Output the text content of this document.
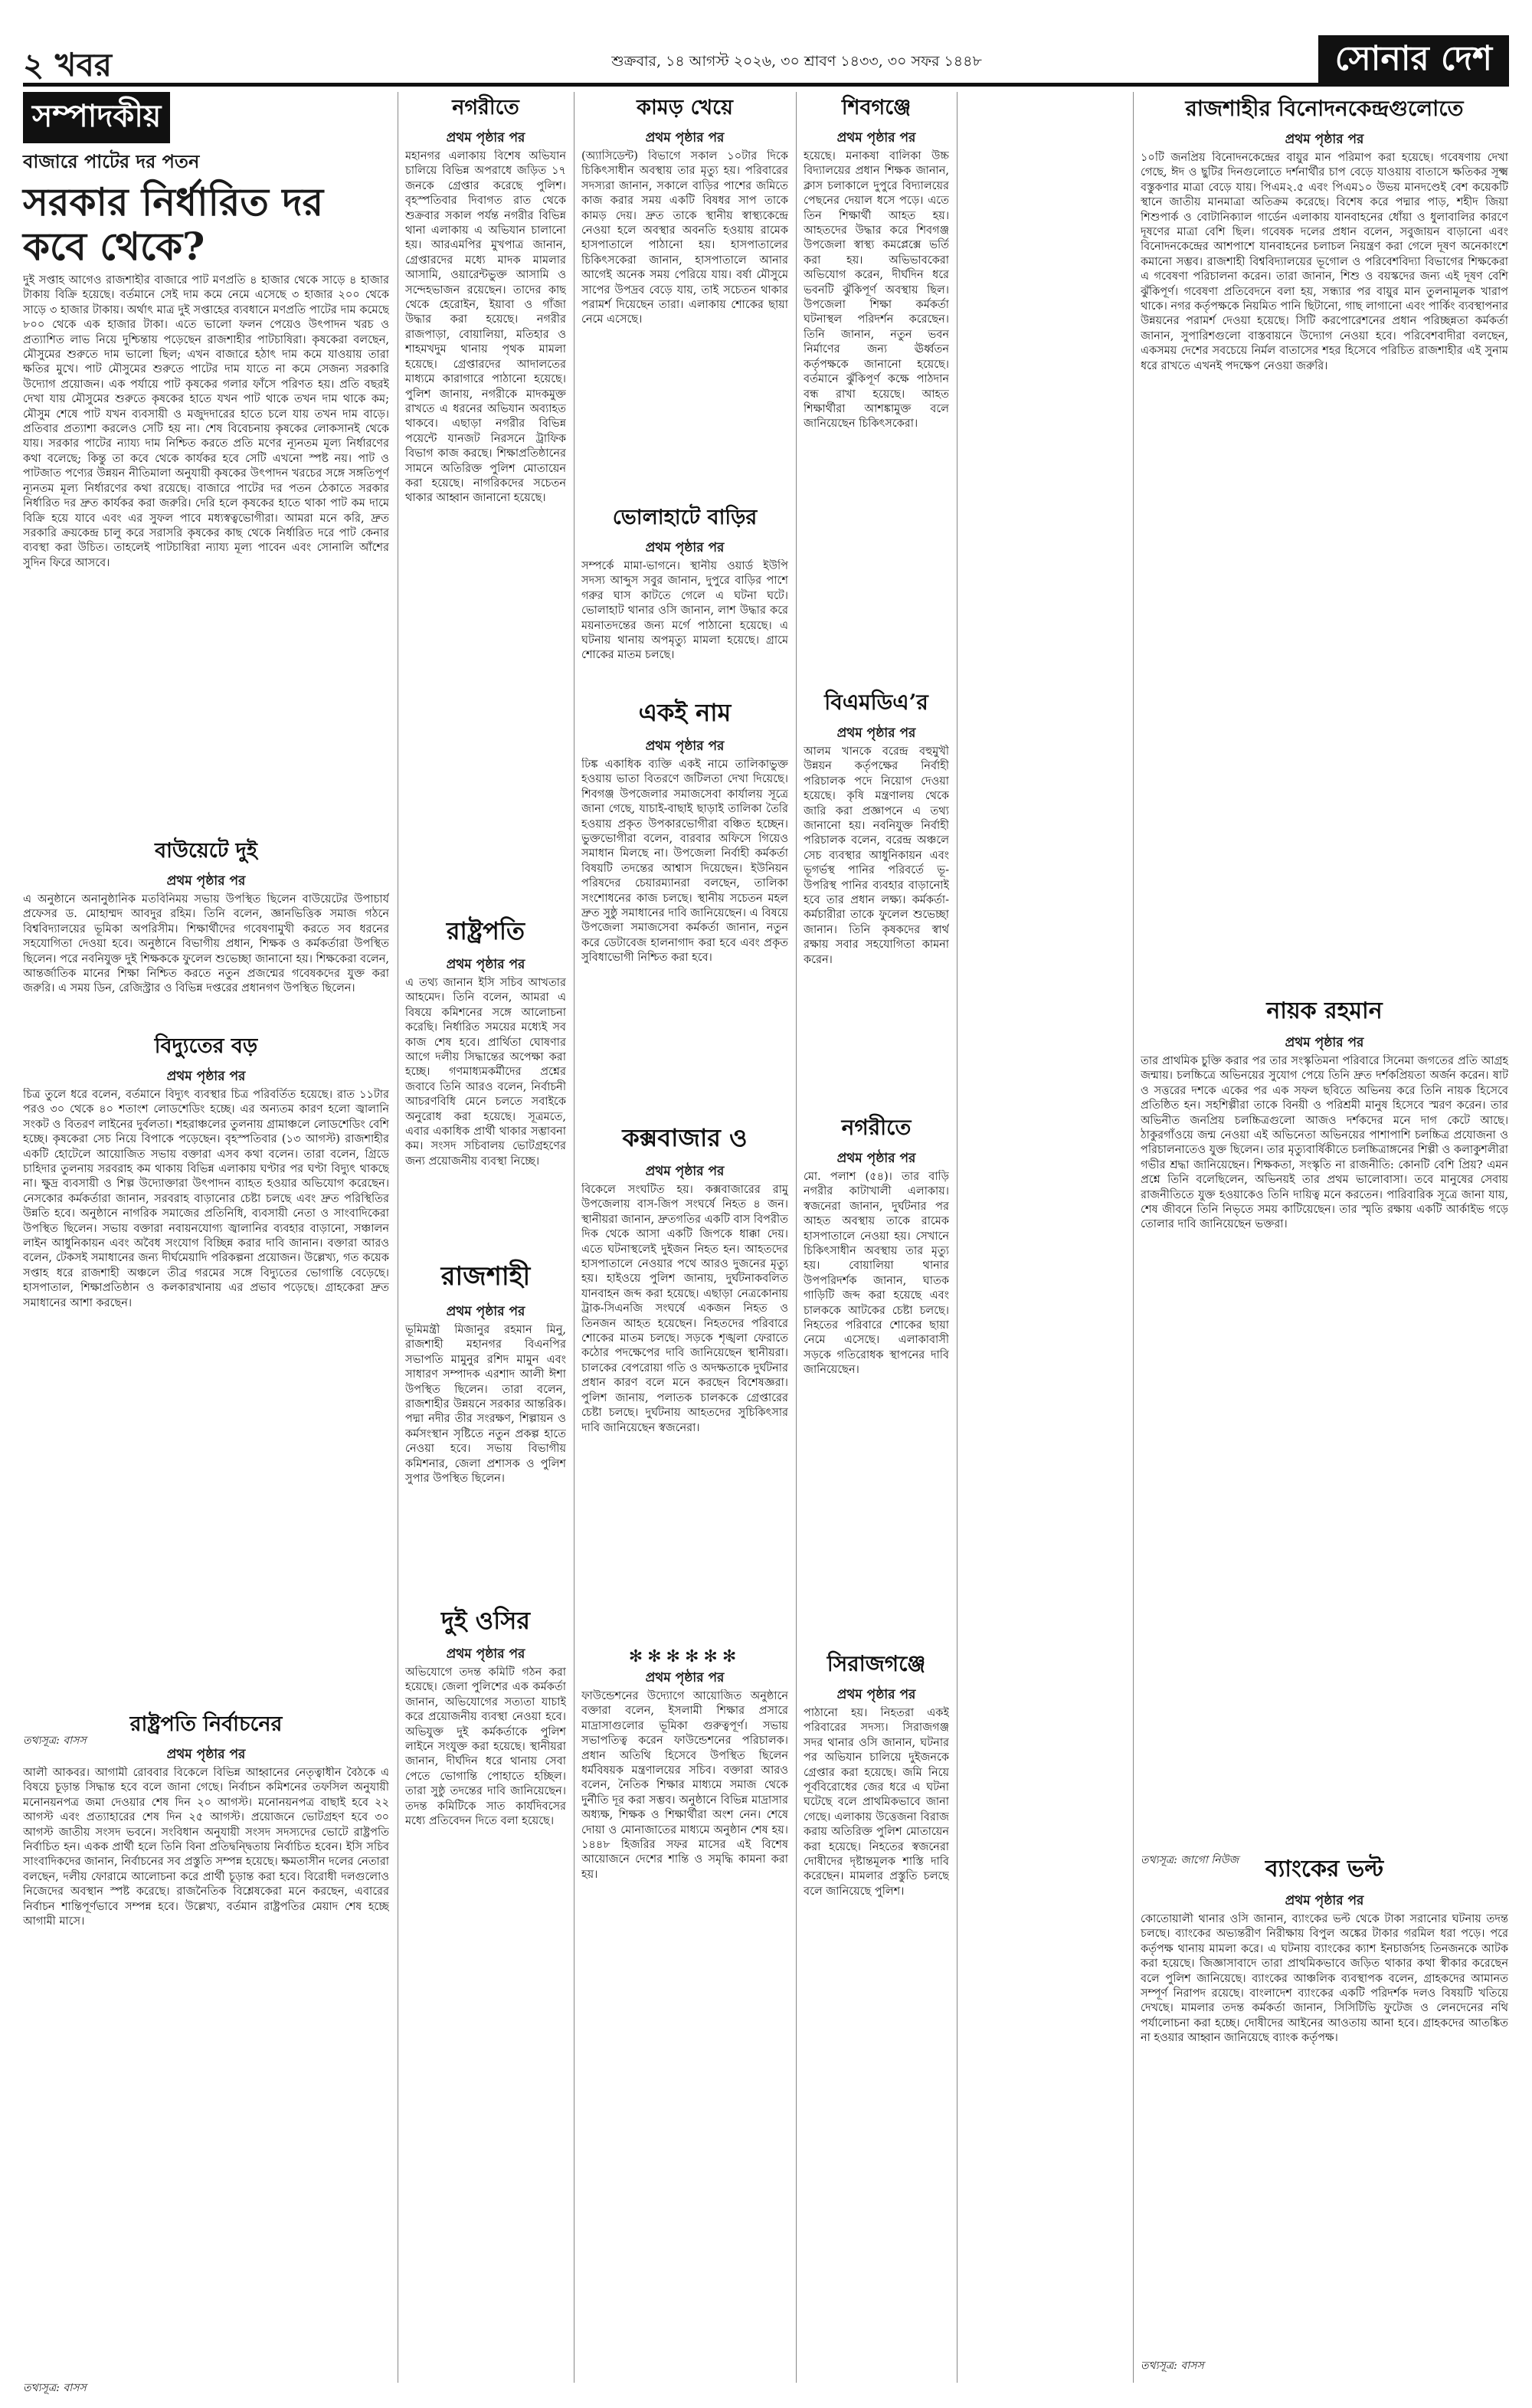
২ খবর	শুক্রবার, ১৪ আগস্ট ২০২৬, ৩০ শ্রাবণ ১৪৩৩, ৩০ সফর ১৪৪৮	সোনার দেশ
সম্পাদকীয়
বাজারে পাটের দর পতন
সরকার নির্ধারিত দর কবে থেকে?

দুই সপ্তাহ আগেও রাজশাহীর বাজারে পাট মণপ্রতি ৪ হাজার থেকে সাড়ে ৪ হাজার টাকায় বিক্রি হয়েছে। বর্তমানে সেই দাম কমে নেমে এসেছে ৩ হাজার ২০০ থেকে সাড়ে ৩ হাজার টাকায়। অর্থাৎ মাত্র দুই সপ্তাহের ব্যবধানে মণপ্রতি পাটের দাম কমেছে ৮০০ থেকে এক হাজার টাকা। এতে ভালো ফলন পেয়েও উৎপাদন খরচ ও প্রত্যাশিত লাভ নিয়ে দুশ্চিন্তায় পড়েছেন রাজশাহীর পাটচাষিরা। কৃষকেরা বলছেন, মৌসুমের শুরুতে দাম ভালো ছিল; এখন বাজারে হঠাৎ দাম কমে যাওয়ায় তারা ক্ষতির মুখে। পাট মৌসুমের শুরুতে পাটের দাম যাতে না কমে সেজন্য সরকারি উদ্যোগ প্রয়োজন। এক পর্যায়ে পাট কৃষকের গলার ফাঁসে পরিণত হয়। প্রতি বছরই দেখা যায় মৌসুমের শুরুতে কৃষকের হাতে যখন পাট থাকে তখন দাম থাকে কম; মৌসুম শেষে পাট যখন ব্যবসায়ী ও মজুদদারের হাতে চলে যায় তখন দাম বাড়ে। প্রতিবার প্রত্যাশা করলেও সেটি হয় না। শেষ বিবেচনায় কৃষকের লোকসানই থেকে যায়। সরকার পাটের ন্যায্য দাম নিশ্চিত করতে প্রতি মণের ন্যূনতম মূল্য নির্ধারণের কথা বলেছে; কিন্তু তা কবে থেকে কার্যকর হবে সেটি এখনো স্পষ্ট নয়। পাট ও পাটজাত পণ্যের উন্নয়ন নীতিমালা অনুযায়ী কৃষকের উৎপাদন খরচের সঙ্গে সঙ্গতিপূর্ণ ন্যূনতম মূল্য নির্ধারণের কথা রয়েছে। বাজারে পাটের দর পতন ঠেকাতে সরকার নির্ধারিত দর দ্রুত কার্যকর করা জরুরি। দেরি হলে কৃষকের হাতে থাকা পাট কম দামে বিক্রি হয়ে যাবে এবং এর সুফল পাবে মধ্যস্বত্বভোগীরা। আমরা মনে করি, দ্রুত সরকারি ক্রয়কেন্দ্র চালু করে সরাসরি কৃষকের কাছ থেকে নির্ধারিত দরে পাট কেনার ব্যবস্থা করা উচিত। তাহলেই পাটচাষিরা ন্যায্য মূল্য পাবেন এবং সোনালি আঁশের সুদিন ফিরে আসবে।

বাউয়েটে দুই
প্রথম পৃষ্ঠার পর

এ অনুষ্ঠানে অনানুষ্ঠানিক মতবিনিময় সভায় উপস্থিত ছিলেন বাউয়েটের উপাচার্য প্রফেসর ড. মোহাম্মদ আবদুর রহিম। তিনি বলেন, জ্ঞানভিত্তিক সমাজ গঠনে বিশ্ববিদ্যালয়ের ভূমিকা অপরিসীম। শিক্ষার্থীদের গবেষণামুখী করতে সব ধরনের সহযোগিতা দেওয়া হবে। অনুষ্ঠানে বিভাগীয় প্রধান, শিক্ষক ও কর্মকর্তারা উপস্থিত ছিলেন। পরে নবনিযুক্ত দুই শিক্ষককে ফুলেল শুভেচ্ছা জানানো হয়। শিক্ষকেরা বলেন, আন্তর্জাতিক মানের শিক্ষা নিশ্চিত করতে নতুন প্রজন্মের গবেষকদের যুক্ত করা জরুরি। এ সময় ডিন, রেজিস্ট্রার ও বিভিন্ন দপ্তরের প্রধানগণ উপস্থিত ছিলেন।

বিদ্যুতের বড়
প্রথম পৃষ্ঠার পর

চিত্র তুলে ধরে বলেন, বর্তমানে বিদ্যুৎ ব্যবস্থার চিত্র পরিবর্তিত হয়েছে। রাত ১১টার পরও ৩০ থেকে ৪০ শতাংশ লোডশেডিং হচ্ছে। এর অন্যতম কারণ হলো জ্বালানি সংকট ও বিতরণ লাইনের দুর্বলতা। শহরাঞ্চলের তুলনায় গ্রামাঞ্চলে লোডশেডিং বেশি হচ্ছে। কৃষকেরা সেচ নিয়ে বিপাকে পড়েছেন। বৃহস্পতিবার (১৩ আগস্ট) রাজশাহীর একটি হোটেলে আয়োজিত সভায় বক্তারা এসব কথা বলেন। তারা বলেন, গ্রিডে চাহিদার তুলনায় সরবরাহ কম থাকায় বিভিন্ন এলাকায় ঘণ্টার পর ঘণ্টা বিদ্যুৎ থাকছে না। ক্ষুদ্র ব্যবসায়ী ও শিল্প উদ্যোক্তারা উৎপাদন ব্যাহত হওয়ার অভিযোগ করেছেন। নেসকোর কর্মকর্তারা জানান, সরবরাহ বাড়ানোর চেষ্টা চলছে এবং দ্রুত পরিস্থিতির উন্নতি হবে। অনুষ্ঠানে নাগরিক সমাজের প্রতিনিধি, ব্যবসায়ী নেতা ও সাংবাদিকেরা উপস্থিত ছিলেন। সভায় বক্তারা নবায়নযোগ্য জ্বালানির ব্যবহার বাড়ানো, সঞ্চালন লাইন আধুনিকায়ন এবং অবৈধ সংযোগ বিচ্ছিন্ন করার দাবি জানান। বক্তারা আরও বলেন, টেকসই সমাধানের জন্য দীর্ঘমেয়াদি পরিকল্পনা প্রয়োজন। উল্লেখ্য, গত কয়েক সপ্তাহ ধরে রাজশাহী অঞ্চলে তীব্র গরমের সঙ্গে বিদ্যুতের ভোগান্তি বেড়েছে। হাসপাতাল, শিক্ষাপ্রতিষ্ঠান ও কলকারখানায় এর প্রভাব পড়েছে। গ্রাহকেরা দ্রুত সমাধানের আশা করছেন।

তথ্যসূত্র: বাসস
রাষ্ট্রপতি নির্বাচনের
প্রথম পৃষ্ঠার পর

আলী আকবর। আগামী রোববার বিকেলে বিভিন্ন আহ্বানের নেতৃত্বাধীন বৈঠকে এ বিষয়ে চূড়ান্ত সিদ্ধান্ত হবে বলে জানা গেছে। নির্বাচন কমিশনের তফসিল অনুযায়ী মনোনয়নপত্র জমা দেওয়ার শেষ দিন ২০ আগস্ট। মনোনয়নপত্র বাছাই হবে ২২ আগস্ট এবং প্রত্যাহারের শেষ দিন ২৫ আগস্ট। প্রয়োজনে ভোটগ্রহণ হবে ৩০ আগস্ট জাতীয় সংসদ ভবনে। সংবিধান অনুযায়ী সংসদ সদস্যদের ভোটে রাষ্ট্রপতি নির্বাচিত হন। একক প্রার্থী হলে তিনি বিনা প্রতিদ্বন্দ্বিতায় নির্বাচিত হবেন। ইসি সচিব সাংবাদিকদের জানান, নির্বাচনের সব প্রস্তুতি সম্পন্ন হয়েছে। ক্ষমতাসীন দলের নেতারা বলছেন, দলীয় ফোরামে আলোচনা করে প্রার্থী চূড়ান্ত করা হবে। বিরোধী দলগুলোও নিজেদের অবস্থান স্পষ্ট করেছে। রাজনৈতিক বিশ্লেষকেরা মনে করছেন, এবারের নির্বাচন শান্তিপূর্ণভাবে সম্পন্ন হবে। উল্লেখ্য, বর্তমান রাষ্ট্রপতির মেয়াদ শেষ হচ্ছে আগামী মাসে।

তথ্যসূত্র: বাসস
নগরীতে
প্রথম পৃষ্ঠার পর

মহানগর এলাকায় বিশেষ অভিযান চালিয়ে বিভিন্ন অপরাধে জড়িত ১৭ জনকে গ্রেপ্তার করেছে পুলিশ। বৃহস্পতিবার দিবাগত রাত থেকে শুক্রবার সকাল পর্যন্ত নগরীর বিভিন্ন থানা এলাকায় এ অভিযান চালানো হয়। আরএমপির মুখপাত্র জানান, গ্রেপ্তারদের মধ্যে মাদক মামলার আসামি, ওয়ারেন্টভুক্ত আসামি ও সন্দেহভাজন রয়েছেন। তাদের কাছ থেকে হেরোইন, ইয়াবা ও গাঁজা উদ্ধার করা হয়েছে। নগরীর রাজপাড়া, বোয়ালিয়া, মতিহার ও শাহমখদুম থানায় পৃথক মামলা হয়েছে। গ্রেপ্তারদের আদালতের মাধ্যমে কারাগারে পাঠানো হয়েছে। পুলিশ জানায়, নগরীকে মাদকমুক্ত রাখতে এ ধরনের অভিযান অব্যাহত থাকবে। এছাড়া নগরীর বিভিন্ন পয়েন্টে যানজট নিরসনে ট্রাফিক বিভাগ কাজ করছে। শিক্ষাপ্রতিষ্ঠানের সামনে অতিরিক্ত পুলিশ মোতায়েন করা হয়েছে। নাগরিকদের সচেতন থাকার আহ্বান জানানো হয়েছে।

রাষ্ট্রপতি
প্রথম পৃষ্ঠার পর

এ তথ্য জানান ইসি সচিব আখতার আহমেদ। তিনি বলেন, আমরা এ বিষয়ে কমিশনের সঙ্গে আলোচনা করেছি। নির্ধারিত সময়ের মধ্যেই সব কাজ শেষ হবে। প্রার্থিতা ঘোষণার আগে দলীয় সিদ্ধান্তের অপেক্ষা করা হচ্ছে। গণমাধ্যমকর্মীদের প্রশ্নের জবাবে তিনি আরও বলেন, নির্বাচনী আচরণবিধি মেনে চলতে সবাইকে অনুরোধ করা হয়েছে। সূত্রমতে, এবার একাধিক প্রার্থী থাকার সম্ভাবনা কম। সংসদ সচিবালয় ভোটগ্রহণের জন্য প্রয়োজনীয় ব্যবস্থা নিচ্ছে।

রাজশাহী
প্রথম পৃষ্ঠার পর

ভূমিমন্ত্রী মিজানুর রহমান মিনু, রাজশাহী মহানগর বিএনপির সভাপতি মামুনুর রশিদ মামুন এবং সাধারণ সম্পাদক এরশাদ আলী ঈশা উপস্থিত ছিলেন। তারা বলেন, রাজশাহীর উন্নয়নে সরকার আন্তরিক। পদ্মা নদীর তীর সংরক্ষণ, শিল্পায়ন ও কর্মসংস্থান সৃষ্টিতে নতুন প্রকল্প হাতে নেওয়া হবে। সভায় বিভাগীয় কমিশনার, জেলা প্রশাসক ও পুলিশ সুপার উপস্থিত ছিলেন।

দুই ওসির
প্রথম পৃষ্ঠার পর

অভিযোগে তদন্ত কমিটি গঠন করা হয়েছে। জেলা পুলিশের এক কর্মকর্তা জানান, অভিযোগের সত্যতা যাচাই করে প্রয়োজনীয় ব্যবস্থা নেওয়া হবে। অভিযুক্ত দুই কর্মকর্তাকে পুলিশ লাইনে সংযুক্ত করা হয়েছে। স্থানীয়রা জানান, দীর্ঘদিন ধরে থানায় সেবা পেতে ভোগান্তি পোহাতে হচ্ছিল। তারা সুষ্ঠু তদন্তের দাবি জানিয়েছেন। তদন্ত কমিটিকে সাত কার্যদিবসের মধ্যে প্রতিবেদন দিতে বলা হয়েছে।

কামড় খেয়ে
প্রথম পৃষ্ঠার পর

(অ্যাসিডেন্ট) বিভাগে সকাল ১০টার দিকে চিকিৎসাধীন অবস্থায় তার মৃত্যু হয়। পরিবারের সদস্যরা জানান, সকালে বাড়ির পাশের জমিতে কাজ করার সময় একটি বিষধর সাপ তাকে কামড় দেয়। দ্রুত তাকে স্থানীয় স্বাস্থ্যকেন্দ্রে নেওয়া হলে অবস্থার অবনতি হওয়ায় রামেক হাসপাতালে পাঠানো হয়। হাসপাতালের চিকিৎসকেরা জানান, হাসপাতালে আনার আগেই অনেক সময় পেরিয়ে যায়। বর্ষা মৌসুমে সাপের উপদ্রব বেড়ে যায়, তাই সচেতন থাকার পরামর্শ দিয়েছেন তারা। এলাকায় শোকের ছায়া নেমে এসেছে।

ভোলাহাটে বাড়ির
প্রথম পৃষ্ঠার পর

সম্পর্কে মামা-ভাগনে। স্থানীয় ওয়ার্ড ইউপি সদস্য আব্দুস সবুর জানান, দুপুরে বাড়ির পাশে গরুর ঘাস কাটতে গেলে এ ঘটনা ঘটে। ভোলাহাট থানার ওসি জানান, লাশ উদ্ধার করে ময়নাতদন্তের জন্য মর্গে পাঠানো হয়েছে। এ ঘটনায় থানায় অপমৃত্যু মামলা হয়েছে। গ্রামে শোকের মাতম চলছে।

একই নাম
প্রথম পৃষ্ঠার পর

ঢিঙ্ক একাধিক ব্যক্তি একই নামে তালিকাভুক্ত হওয়ায় ভাতা বিতরণে জটিলতা দেখা দিয়েছে। শিবগঞ্জ উপজেলার সমাজসেবা কার্যালয় সূত্রে জানা গেছে, যাচাই-বাছাই ছাড়াই তালিকা তৈরি হওয়ায় প্রকৃত উপকারভোগীরা বঞ্চিত হচ্ছেন। ভুক্তভোগীরা বলেন, বারবার অফিসে গিয়েও সমাধান মিলছে না। উপজেলা নির্বাহী কর্মকর্তা বিষয়টি তদন্তের আশ্বাস দিয়েছেন। ইউনিয়ন পরিষদের চেয়ারম্যানরা বলছেন, তালিকা সংশোধনের কাজ চলছে। স্থানীয় সচেতন মহল দ্রুত সুষ্ঠু সমাধানের দাবি জানিয়েছেন। এ বিষয়ে উপজেলা সমাজসেবা কর্মকর্তা জানান, নতুন করে ডেটাবেজ হালনাগাদ করা হবে এবং প্রকৃত সুবিধাভোগী নিশ্চিত করা হবে।

কক্সবাজার ও
প্রথম পৃষ্ঠার পর

বিকেলে সংঘটিত হয়। কক্সবাজারের রামু উপজেলায় বাস-জিপ সংঘর্ষে নিহত ৪ জন। স্থানীয়রা জানান, দ্রুতগতির একটি বাস বিপরীত দিক থেকে আসা একটি জিপকে ধাক্কা দেয়। এতে ঘটনাস্থলেই দুইজন নিহত হন। আহতদের হাসপাতালে নেওয়ার পথে আরও দুজনের মৃত্যু হয়। হাইওয়ে পুলিশ জানায়, দুর্ঘটনাকবলিত যানবাহন জব্দ করা হয়েছে। এছাড়া নেত্রকোনায় ট্রাক-সিএনজি সংঘর্ষে একজন নিহত ও তিনজন আহত হয়েছেন। নিহতদের পরিবারে শোকের মাতম চলছে। সড়কে শৃঙ্খলা ফেরাতে কঠোর পদক্ষেপের দাবি জানিয়েছেন স্থানীয়রা। চালকের বেপরোয়া গতি ও অদক্ষতাকে দুর্ঘটনার প্রধান কারণ বলে মনে করছেন বিশেষজ্ঞরা। পুলিশ জানায়, পলাতক চালককে গ্রেপ্তারের চেষ্টা চলছে। দুর্ঘটনায় আহতদের সুচিকিৎসার দাবি জানিয়েছেন স্বজনেরা।

✻✻✻✻✻✻
প্রথম পৃষ্ঠার পর

ফাউন্ডেশনের উদ্যোগে আয়োজিত অনুষ্ঠানে বক্তারা বলেন, ইসলামী শিক্ষার প্রসারে মাদ্রাসাগুলোর ভূমিকা গুরুত্বপূর্ণ। সভায় সভাপতিত্ব করেন ফাউন্ডেশনের পরিচালক। প্রধান অতিথি হিসেবে উপস্থিত ছিলেন ধর্মবিষয়ক মন্ত্রণালয়ের সচিব। বক্তারা আরও বলেন, নৈতিক শিক্ষার মাধ্যমে সমাজ থেকে দুর্নীতি দূর করা সম্ভব। অনুষ্ঠানে বিভিন্ন মাদ্রাসার অধ্যক্ষ, শিক্ষক ও শিক্ষার্থীরা অংশ নেন। শেষে দোয়া ও মোনাজাতের মাধ্যমে অনুষ্ঠান শেষ হয়। ১৪৪৮ হিজরির সফর মাসের এই বিশেষ আয়োজনে দেশের শান্তি ও সমৃদ্ধি কামনা করা হয়।

শিবগঞ্জে
প্রথম পৃষ্ঠার পর

হয়েছে। মনাকষা বালিকা উচ্চ বিদ্যালয়ের প্রধান শিক্ষক জানান, ক্লাস চলাকালে দুপুরে বিদ্যালয়ের পেছনের দেয়াল ধসে পড়ে। এতে তিন শিক্ষার্থী আহত হয়। আহতদের উদ্ধার করে শিবগঞ্জ উপজেলা স্বাস্থ্য কমপ্লেক্সে ভর্তি করা হয়। অভিভাবকেরা অভিযোগ করেন, দীর্ঘদিন ধরে ভবনটি ঝুঁকিপূর্ণ অবস্থায় ছিল। উপজেলা শিক্ষা কর্মকর্তা ঘটনাস্থল পরিদর্শন করেছেন। তিনি জানান, নতুন ভবন নির্মাণের জন্য ঊর্ধ্বতন কর্তৃপক্ষকে জানানো হয়েছে। বর্তমানে ঝুঁকিপূর্ণ কক্ষে পাঠদান বন্ধ রাখা হয়েছে। আহত শিক্ষার্থীরা আশঙ্কামুক্ত বলে জানিয়েছেন চিকিৎসকেরা।

বিএমডিএ’র
প্রথম পৃষ্ঠার পর

আলম খানকে বরেন্দ্র বহুমুখী উন্নয়ন কর্তৃপক্ষের নির্বাহী পরিচালক পদে নিয়োগ দেওয়া হয়েছে। কৃষি মন্ত্রণালয় থেকে জারি করা প্রজ্ঞাপনে এ তথ্য জানানো হয়। নবনিযুক্ত নির্বাহী পরিচালক বলেন, বরেন্দ্র অঞ্চলে সেচ ব্যবস্থার আধুনিকায়ন এবং ভূগর্ভস্থ পানির পরিবর্তে ভূ-উপরিস্থ পানির ব্যবহার বাড়ানোই হবে তার প্রধান লক্ষ্য। কর্মকর্তা-কর্মচারীরা তাকে ফুলেল শুভেচ্ছা জানান। তিনি কৃষকদের স্বার্থ রক্ষায় সবার সহযোগিতা কামনা করেন।

নগরীতে
প্রথম পৃষ্ঠার পর

মো. পলাশ (৫৪)। তার বাড়ি নগরীর কাটাখালী এলাকায়। স্বজনেরা জানান, দুর্ঘটনার পর আহত অবস্থায় তাকে রামেক হাসপাতালে নেওয়া হয়। সেখানে চিকিৎসাধীন অবস্থায় তার মৃত্যু হয়। বোয়ালিয়া থানার উপপরিদর্শক জানান, ঘাতক গাড়িটি জব্দ করা হয়েছে এবং চালককে আটকের চেষ্টা চলছে। নিহতের পরিবারে শোকের ছায়া নেমে এসেছে। এলাকাবাসী সড়কে গতিরোধক স্থাপনের দাবি জানিয়েছেন।

সিরাজগঞ্জে
প্রথম পৃষ্ঠার পর

পাঠানো হয়। নিহতরা একই পরিবারের সদস্য। সিরাজগঞ্জ সদর থানার ওসি জানান, ঘটনার পর অভিযান চালিয়ে দুইজনকে গ্রেপ্তার করা হয়েছে। জমি নিয়ে পূর্ববিরোধের জের ধরে এ ঘটনা ঘটেছে বলে প্রাথমিকভাবে জানা গেছে। এলাকায় উত্তেজনা বিরাজ করায় অতিরিক্ত পুলিশ মোতায়েন করা হয়েছে। নিহতের স্বজনেরা দোষীদের দৃষ্টান্তমূলক শাস্তি দাবি করেছেন। মামলার প্রস্তুতি চলছে বলে জানিয়েছে পুলিশ।

রাজশাহীর বিনোদনকেন্দ্রগুলোতে
প্রথম পৃষ্ঠার পর

১০টি জনপ্রিয় বিনোদনকেন্দ্রের বায়ুর মান পরিমাপ করা হয়েছে। গবেষণায় দেখা গেছে, ঈদ ও ছুটির দিনগুলোতে দর্শনার্থীর চাপ বেড়ে যাওয়ায় বাতাসে ক্ষতিকর সূক্ষ্ম বস্তুকণার মাত্রা বেড়ে যায়। পিএম২.৫ এবং পিএম১০ উভয় মানদণ্ডেই বেশ কয়েকটি স্থানে জাতীয় মানমাত্রা অতিক্রম করেছে। বিশেষ করে পদ্মার পাড়, শহীদ জিয়া শিশুপার্ক ও বোটানিক্যাল গার্ডেন এলাকায় যানবাহনের ধোঁয়া ও ধুলাবালির কারণে দূষণের মাত্রা বেশি ছিল। গবেষক দলের প্রধান বলেন, সবুজায়ন বাড়ানো এবং বিনোদনকেন্দ্রের আশপাশে যানবাহনের চলাচল নিয়ন্ত্রণ করা গেলে দূষণ অনেকাংশে কমানো সম্ভব। রাজশাহী বিশ্ববিদ্যালয়ের ভূগোল ও পরিবেশবিদ্যা বিভাগের শিক্ষকেরা এ গবেষণা পরিচালনা করেন। তারা জানান, শিশু ও বয়স্কদের জন্য এই দূষণ বেশি ঝুঁকিপূর্ণ। গবেষণা প্রতিবেদনে বলা হয়, সন্ধ্যার পর বায়ুর মান তুলনামূলক খারাপ থাকে। নগর কর্তৃপক্ষকে নিয়মিত পানি ছিটানো, গাছ লাগানো এবং পার্কিং ব্যবস্থাপনার উন্নয়নের পরামর্শ দেওয়া হয়েছে। সিটি করপোরেশনের প্রধান পরিচ্ছন্নতা কর্মকর্তা জানান, সুপারিশগুলো বাস্তবায়নে উদ্যোগ নেওয়া হবে। পরিবেশবাদীরা বলছেন, একসময় দেশের সবচেয়ে নির্মল বাতাসের শহর হিসেবে পরিচিত রাজশাহীর এই সুনাম ধরে রাখতে এখনই পদক্ষেপ নেওয়া জরুরি।

নায়ক রহমান
প্রথম পৃষ্ঠার পর

তার প্রাথমিক চুক্তি করার পর তার সংস্কৃতিমনা পরিবারে সিনেমা জগতের প্রতি আগ্রহ জন্মায়। চলচ্চিত্রে অভিনয়ের সুযোগ পেয়ে তিনি দ্রুত দর্শকপ্রিয়তা অর্জন করেন। ষাট ও সত্তরের দশকে একের পর এক সফল ছবিতে অভিনয় করে তিনি নায়ক হিসেবে প্রতিষ্ঠিত হন। সহশিল্পীরা তাকে বিনয়ী ও পরিশ্রমী মানুষ হিসেবে স্মরণ করেন। তার অভিনীত জনপ্রিয় চলচ্চিত্রগুলো আজও দর্শকদের মনে দাগ কেটে আছে। ঠাকুরগাঁওয়ে জন্ম নেওয়া এই অভিনেতা অভিনয়ের পাশাপাশি চলচ্চিত্র প্রযোজনা ও পরিচালনাতেও যুক্ত ছিলেন। তার মৃত্যুবার্ষিকীতে চলচ্চিত্রাঙ্গনের শিল্পী ও কলাকুশলীরা গভীর শ্রদ্ধা জানিয়েছেন। শিক্ষকতা, সংস্কৃতি না রাজনীতি: কোনটি বেশি প্রিয়? এমন প্রশ্নে তিনি বলেছিলেন, অভিনয়ই তার প্রথম ভালোবাসা। তবে মানুষের সেবায় রাজনীতিতে যুক্ত হওয়াকেও তিনি দায়িত্ব মনে করতেন। পারিবারিক সূত্রে জানা যায়, শেষ জীবনে তিনি নিভৃতে সময় কাটিয়েছেন। তার স্মৃতি রক্ষায় একটি আর্কাইভ গড়ে তোলার দাবি জানিয়েছেন ভক্তরা।

তথ্যসূত্র: জাগো নিউজ	ব্যাংকের ভল্ট
প্রথম পৃষ্ঠার পর

কোতোয়ালী থানার ওসি জানান, ব্যাংকের ভল্ট থেকে টাকা সরানোর ঘটনায় তদন্ত চলছে। ব্যাংকের অভ্যন্তরীণ নিরীক্ষায় বিপুল অঙ্কের টাকার গরমিল ধরা পড়ে। পরে কর্তৃপক্ষ থানায় মামলা করে। এ ঘটনায় ব্যাংকের ক্যাশ ইনচার্জসহ তিনজনকে আটক করা হয়েছে। জিজ্ঞাসাবাদে তারা প্রাথমিকভাবে জড়িত থাকার কথা স্বীকার করেছেন বলে পুলিশ জানিয়েছে। ব্যাংকের আঞ্চলিক ব্যবস্থাপক বলেন, গ্রাহকদের আমানত সম্পূর্ণ নিরাপদ রয়েছে। বাংলাদেশ ব্যাংকের একটি পরিদর্শক দলও বিষয়টি খতিয়ে দেখছে। মামলার তদন্ত কর্মকর্তা জানান, সিসিটিভি ফুটেজ ও লেনদেনের নথি পর্যালোচনা করা হচ্ছে। দোষীদের আইনের আওতায় আনা হবে। গ্রাহকদের আতঙ্কিত না হওয়ার আহ্বান জানিয়েছে ব্যাংক কর্তৃপক্ষ।

তথ্যসূত্র: বাসস
